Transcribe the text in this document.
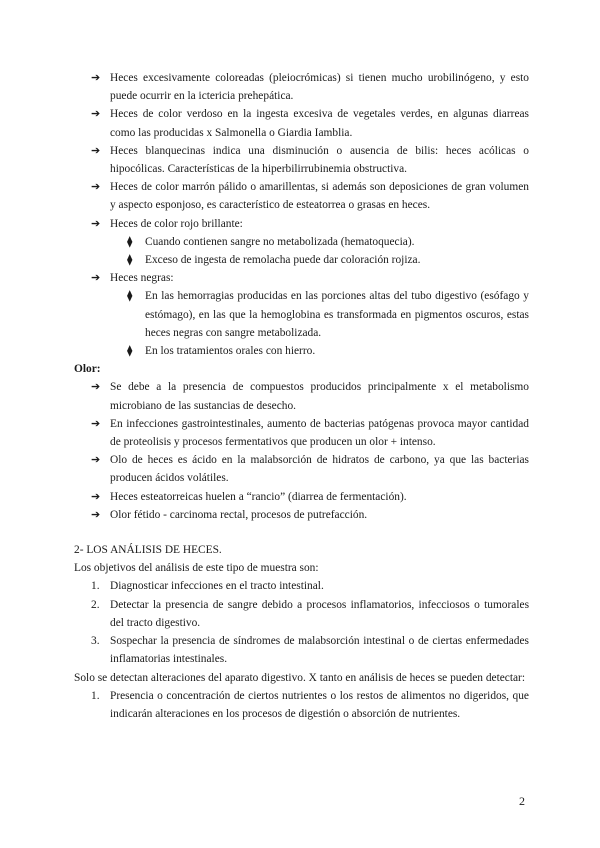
➔ Heces excesivamente coloreadas (pleiocrómicas) si tienen mucho urobilinógeno, y esto puede ocurrir en la ictericia prehepática.
➔ Heces de color verdoso en la ingesta excesiva de vegetales verdes, en algunas diarreas como las producidas x Salmonella o Giardia Iamblia.
➔ Heces blanquecinas indica una disminución o ausencia de bilis: heces acólicas o hipocólicas. Características de la hiperbilirrubinemia obstructiva.
➔ Heces de color marrón pálido o amarillentas, si además son deposiciones de gran volumen y aspecto esponjoso, es característico de esteatorrea o grasas en heces.
➔ Heces de color rojo brillante:
⧫ Cuando contienen sangre no metabolizada (hematoquecia).
⧫ Exceso de ingesta de remolacha puede dar coloración rojiza.
➔ Heces negras:
⧫ En las hemorragias producidas en las porciones altas del tubo digestivo (esófago y estómago), en las que la hemoglobina es transformada en pigmentos oscuros, estas heces negras con sangre metabolizada.
⧫ En los tratamientos orales con hierro.

Olor:

➔ Se debe a la presencia de compuestos producidos principalmente x el metabolismo microbiano de las sustancias de desecho.
➔ En infecciones gastrointestinales, aumento de bacterias patógenas provoca mayor cantidad de proteolisis y procesos fermentativos que producen un olor + intenso.
➔ Olo de heces es ácido en la malabsorción de hidratos de carbono, ya que las bacterias producen ácidos volátiles.
➔ Heces esteatorreicas huelen a “rancio” (diarrea de fermentación).
➔ Olor fétido - carcinoma rectal, procesos de putrefacción.

2- LOS ANÁLISIS DE HECES.

Los objetivos del análisis de este tipo de muestra son:

1. Diagnosticar infecciones en el tracto intestinal.
2. Detectar la presencia de sangre debido a procesos inflamatorios, infecciosos o tumorales del tracto digestivo.
3. Sospechar la presencia de síndromes de malabsorción intestinal o de ciertas enfermedades inflamatorias intestinales.

Solo se detectan alteraciones del aparato digestivo. X tanto en análisis de heces se pueden detectar:

1. Presencia o concentración de ciertos nutrientes o los restos de alimentos no digeridos, que indicarán alteraciones en los procesos de digestión o absorción de nutrientes.
2
